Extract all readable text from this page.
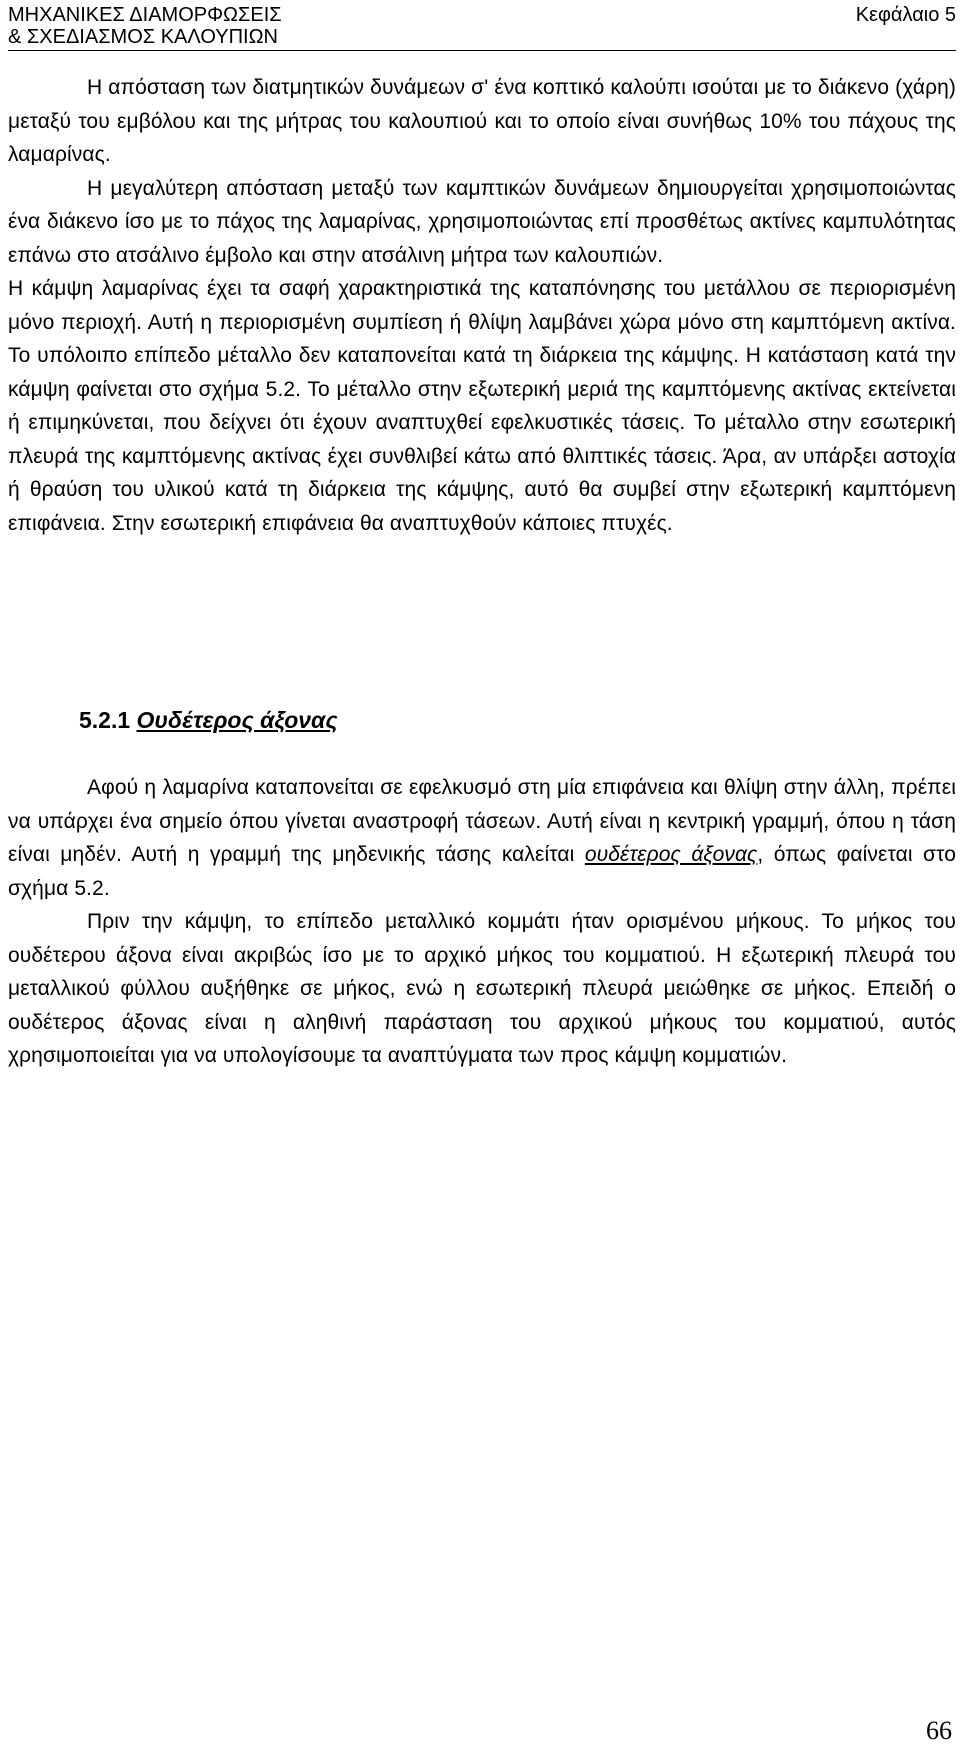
ΜΗΧΑΝΙΚΕΣ ΔΙΑΜΟΡΦΩΣΕΙΣ
& ΣΧΕΔΙΑΣΜΟΣ ΚΑΛΟΥΠΙΩΝ
Κεφάλαιο 5

Η απόσταση των διατμητικών δυνάμεων σ' ένα κοπτικό καλούπι ισούται με το διάκενο (χάρη) μεταξύ του εμβόλου και της μήτρας του καλουπιού και το οποίο είναι συνήθως 10% του πάχους της λαμαρίνας.

Η μεγαλύτερη απόσταση μεταξύ των καμπτικών δυνάμεων δημιουργείται χρησιμοποιώντας ένα διάκενο ίσο με το πάχος της λαμαρίνας, χρησιμοποιώντας επί προσθέτως ακτίνες καμπυλότητας επάνω στο ατσάλινο έμβολο και στην ατσάλινη μήτρα των καλουπιών.

Η κάμψη λαμαρίνας έχει τα σαφή χαρακτηριστικά της καταπόνησης του μετάλλου σε περιορισμένη μόνο περιοχή. Αυτή η περιορισμένη συμπίεση ή θλίψη λαμβάνει χώρα μόνο στη καμπτόμενη ακτίνα. Το υπόλοιπο επίπεδο μέταλλο δεν καταπονείται κατά τη διάρκεια της κάμψης. Η κατάσταση κατά την κάμψη φαίνεται στο σχήμα 5.2. Το μέταλλο στην εξωτερική μεριά της καμπτόμενης ακτίνας εκτείνεται ή επιμηκύνεται, που δείχνει ότι έχουν αναπτυχθεί εφελκυστικές τάσεις. Το μέταλλο στην εσωτερική πλευρά της καμπτόμενης ακτίνας έχει συνθλιβεί κάτω από θλιπτικές τάσεις. Άρα, αν υπάρξει αστοχία ή θραύση του υλικού κατά τη διάρκεια της κάμψης, αυτό θα συμβεί στην εξωτερική καμπτόμενη επιφάνεια. Στην εσωτερική επιφάνεια θα αναπτυχθούν κάποιες πτυχές.

5.2.1 Ουδέτερος άξονας

Αφού η λαμαρίνα καταπονείται σε εφελκυσμό στη μία επιφάνεια και θλίψη στην άλλη, πρέπει να υπάρχει ένα σημείο όπου γίνεται αναστροφή τάσεων. Αυτή είναι η κεντρική γραμμή, όπου η τάση είναι μηδέν. Αυτή η γραμμή της μηδενικής τάσης καλείται ουδέτερος άξονας, όπως φαίνεται στο σχήμα 5.2.

Πριν την κάμψη, το επίπεδο μεταλλικό κομμάτι ήταν ορισμένου μήκους. Το μήκος του ουδέτερου άξονα είναι ακριβώς ίσο με το αρχικό μήκος του κομματιού. Η εξωτερική πλευρά του μεταλλικού φύλλου αυξήθηκε σε μήκος, ενώ η εσωτερική πλευρά μειώθηκε σε μήκος. Επειδή ο ουδέτερος άξονας είναι η αληθινή παράσταση του αρχικού μήκους του κομματιού, αυτός χρησιμοποιείται για να υπολογίσουμε τα αναπτύγματα των προς κάμψη κομματιών.

66
